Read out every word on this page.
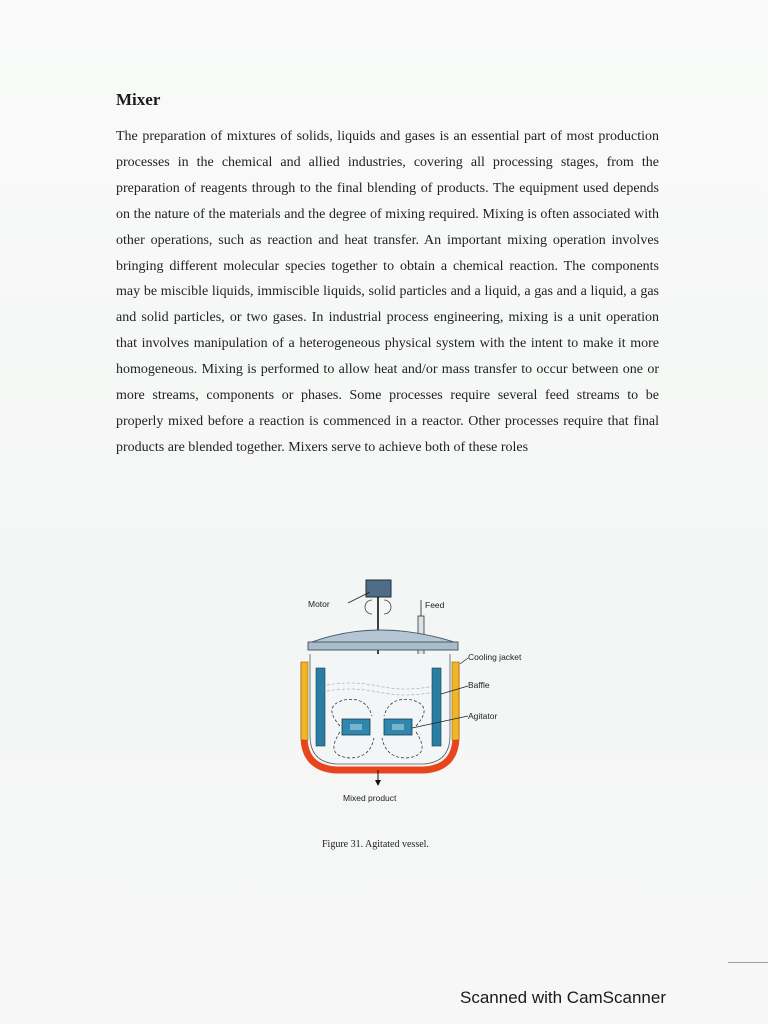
Mixer

The preparation of mixtures of solids, liquids and gases is an essential part of most production processes in the chemical and allied industries, covering all processing stages, from the preparation of reagents through to the final blending of products. The equipment used depends on the nature of the materials and the degree of mixing required. Mixing is often associated with other operations, such as reaction and heat transfer. An important mixing operation involves bringing different molecular species together to obtain a chemical reaction. The components may be miscible liquids, immiscible liquids, solid particles and a liquid, a gas and a liquid, a gas and solid particles, or two gases. In industrial process engineering, mixing is a unit operation that involves manipulation of a heterogeneous physical system with the intent to make it more homogeneous. Mixing is performed to allow heat and/or mass transfer to occur between one or more streams, components or phases. Some processes require several feed streams to be properly mixed before a reaction is commenced in a reactor. Other processes require that final products are blended together. Mixers serve to achieve both of these roles

Motor	Feed
Mixed product
Cooling jacket
Baffle
Agitator

Figure 31. Agitated vessel.

Scanned with CamScanner
